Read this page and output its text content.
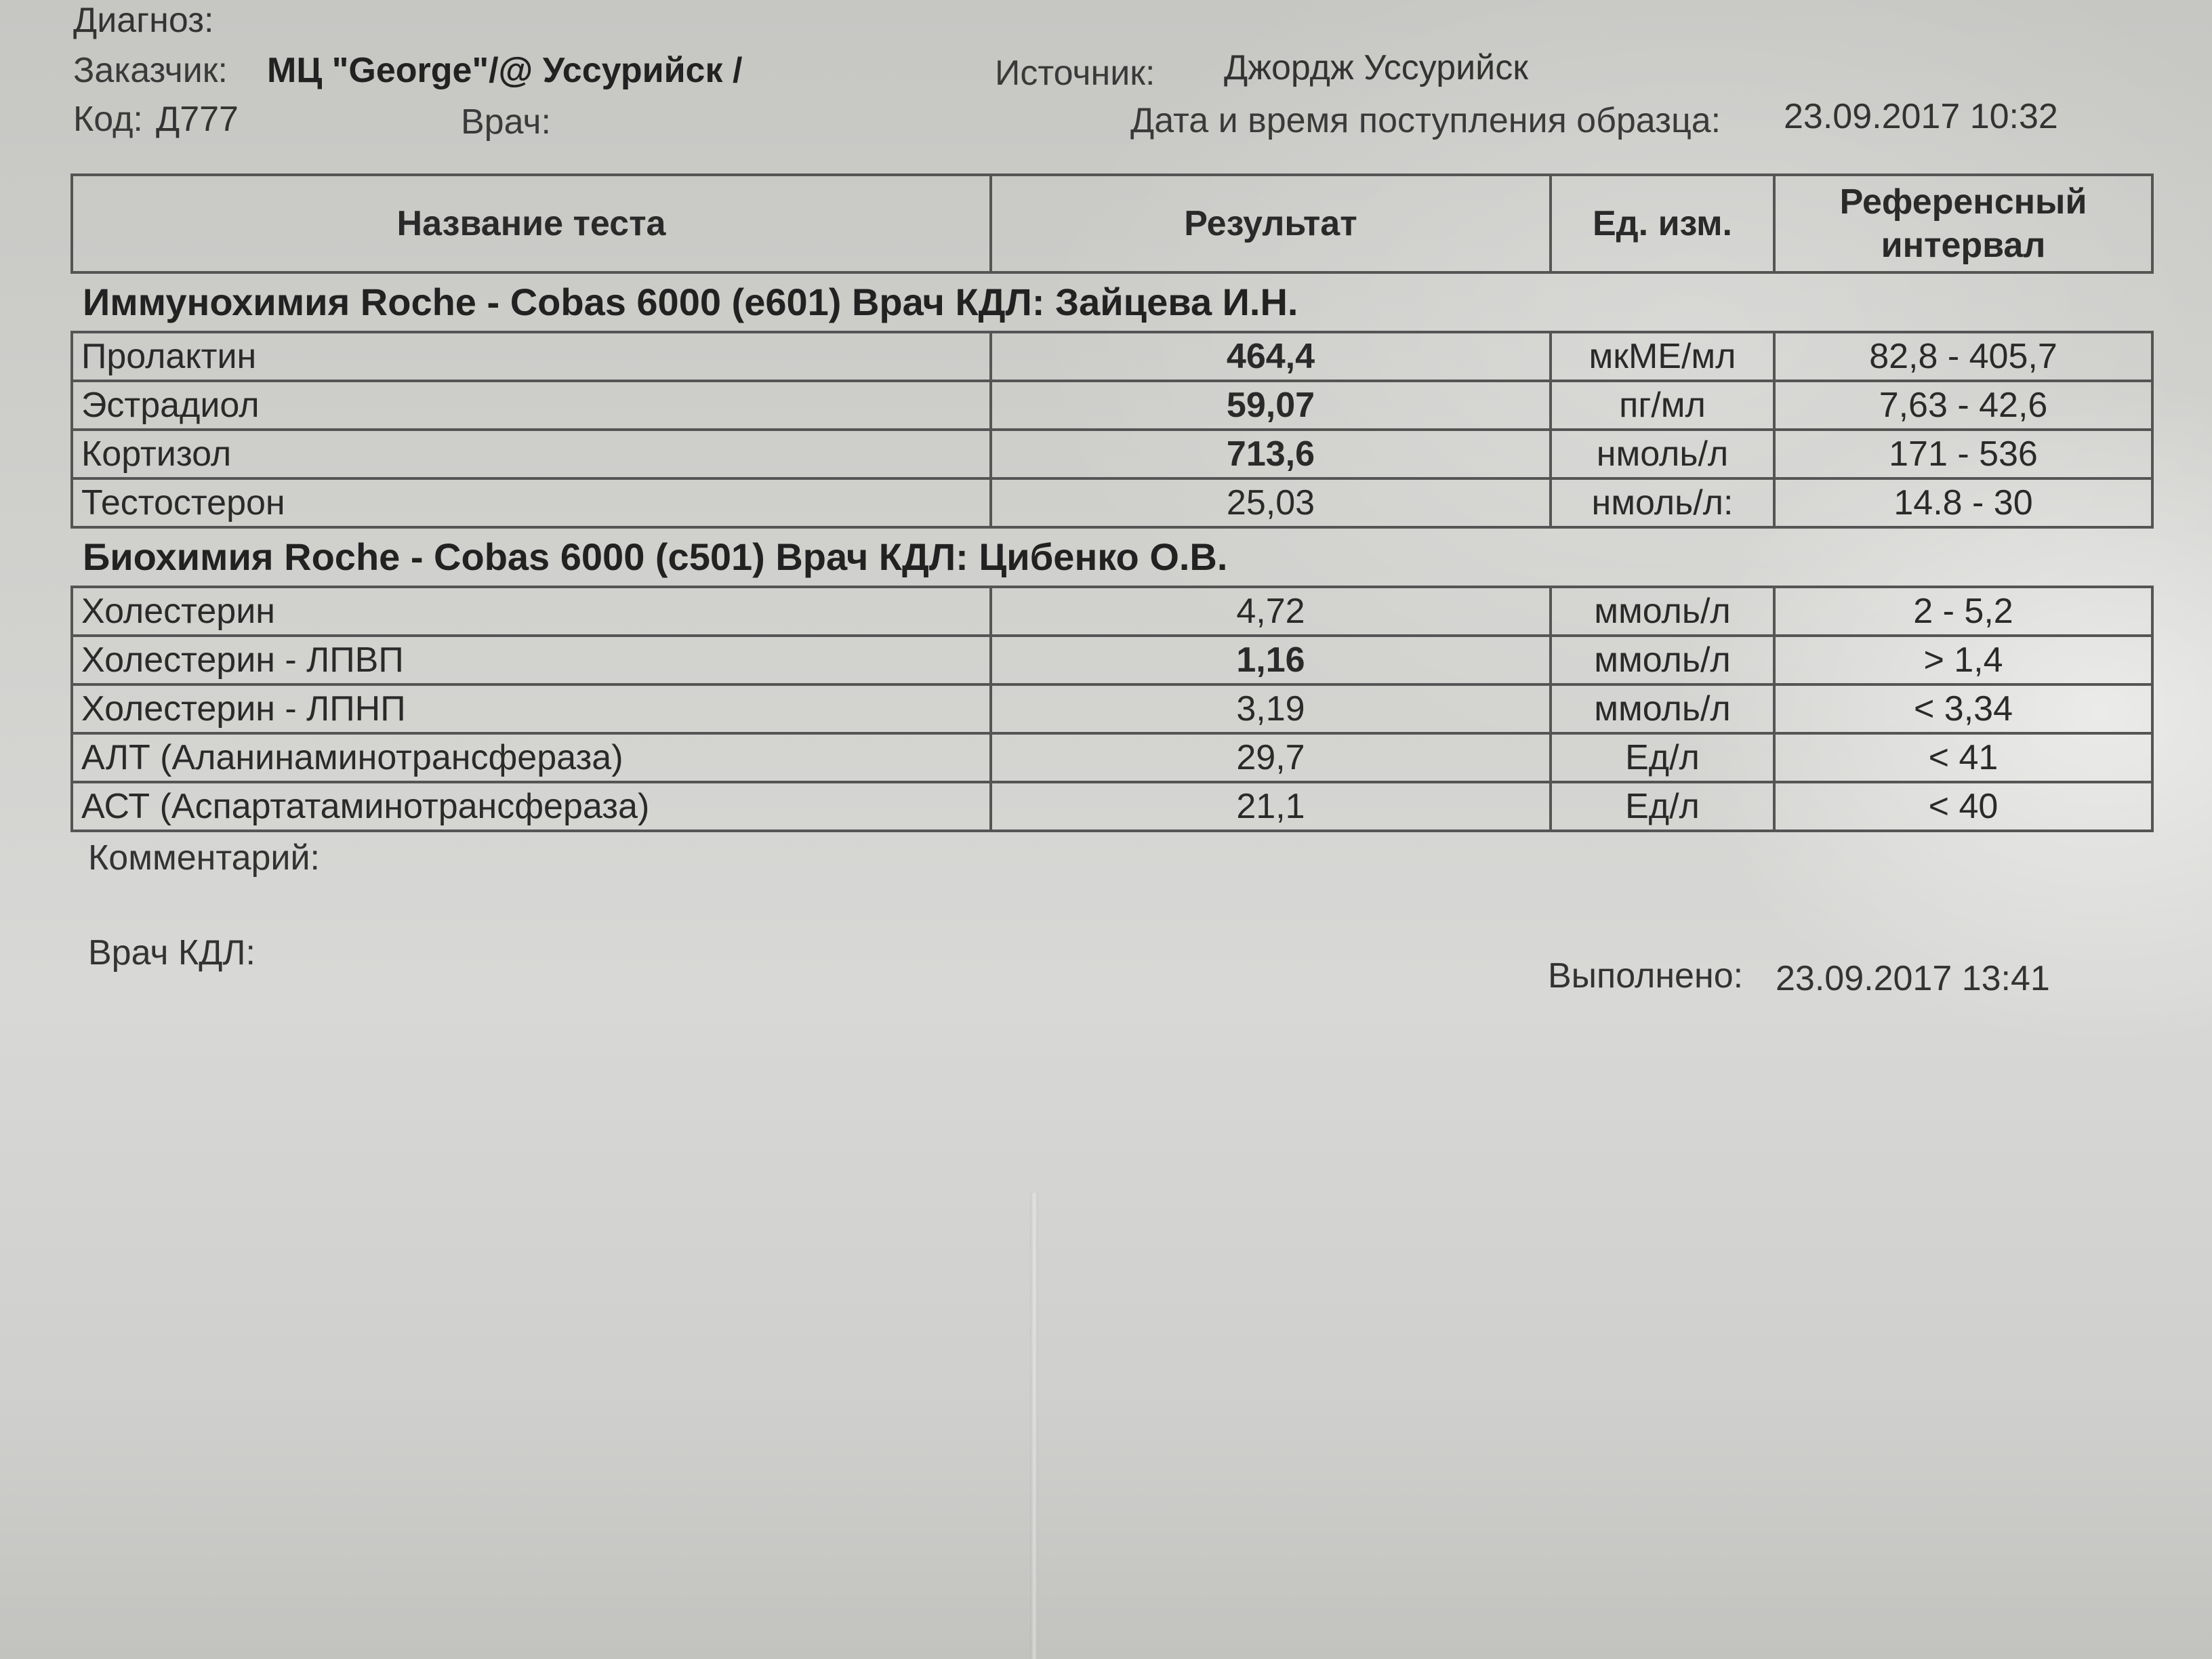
Диагноз:
Заказчик: МЦ "George"/@ Уссурийск /	Источник: Джордж Уссурийск
Код: Д777	Врач:	Дата и время поступления образца: 23.09.2017 10:32
Название теста	Результат	Ед. изм.	Референсный
интервал

Иммунохимия Roche - Cobas 6000 (e601) Врач КДЛ: Зайцева И.Н.			
Пролактин	464,4	мкМЕ/мл	82,8 - 405,7
Эстрадиол	59,07	пг/мл	7,63 - 42,6
Кортизол	713,6	нмоль/л	171 - 536
Тестостерон	25,03	нмоль/л:	14.8 - 30
Биохимия Roche - Cobas 6000 (c501) Врач КДЛ: Цибенко О.В.			
Холестерин	4,72	ммоль/л	2 - 5,2
Холестерин - ЛПВП	1,16	ммоль/л	> 1,4
Холестерин - ЛПНП	3,19	ммоль/л	< 3,34
АЛТ (Аланинаминотрансфераза)	29,7	Ед/л	< 41
АСТ (Аспартатаминотрансфераза)	21,1	Ед/л	< 40
Комментарий:
Врач КДЛ:
Выполнено: 23.09.2017 13:41
